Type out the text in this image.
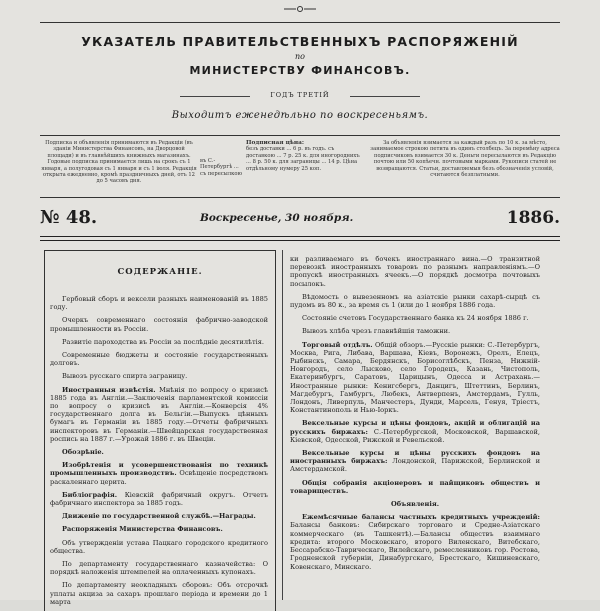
УКАЗАТЕЛЬ ПРАВИТЕЛЬСТВЕННЫХЪ РАСПОРЯЖЕНІЙ
по
МИНИСТЕРСТВУ ФИНАНСОВЪ.
ГОДЪ ТРЕТІЙ
Выходитъ еженедѣльно по воскресеньямъ.
Подписка и объявленія принимаются въ Редакціи (въ зданіи Министерства Финансовъ, на Дворцовой площади) и въ главнѣйшихъ книжныхъ магазинахъ. Годовые подписка принимается лишь на срокъ съ 1 января, а полугодовая съ 1 января и съ 1 іюля. Редакція открыта ежедневно, кромѣ праздничныхъ дней, отъ 12 до 5 часовъ дня.
въ С.-Петербургѣ ... съ пересылкою
Подписная цѣна:
безъ доставки ... 6 р. въ годъ. съ доставкою ... 7 р. 25 к. для иногороднихъ ... 8 р. 50 к. для заграницы ... 14 р. Цѣна отдѣльному нумеру 25 коп.
За объявленія взимается за каждый разъ по 10 к. за мѣсто, занимаемое строкою петита въ одинъ столбецъ. За перемѣну адреса подписчиковъ взимается 30 к. Деньги пересылаются въ Редакцію почтою или 50 копѣечн. почтовыми марками. Рукописи статей не возвращаются. Статьи, доставляемыя безъ обозначенія условій, считаются безплатными.
№ 48.	Воскресенье, 30 ноября.	1886.
СОДЕРЖАНІЕ.

Гербовый сборъ и вексели разныхъ наименованій въ 1885 году.

Очеркъ современнаго состоянія фабрично-заводской промышленности въ Россіи.

Развитіе пароходства въ Россіи за послѣдніе десятилѣтія.

Современные бюджеты и состояніе государственныхъ долговъ.

Вывозъ русскаго спирта заграницу.

Иностранныя извѣстія. Мнѣнія по вопросу о кризисѣ 1885 года въ Англіи.—Заключенія парламентской комиссіи по вопросу о кризисѣ въ Англіи.—Конверсія 4% государственнаго долга въ Бельгіи.—Выпускъ цѣнныхъ бумагъ въ Германіи въ 1885 году.—Отчеты фабричныхъ инспекторовъ въ Германіи.—Швейцарская государственная роспись на 1887 г.—Урожай 1886 г. въ Швеціи.

Обозрѣніе.

Изобрѣтенія и усовершенствованія по техникѣ промышленныхъ производствъ. Освѣщеніе посредствомъ раскаленнаго церита.

Библіографія. Кіевскій фабричный округъ. Отчетъ фабричнаго инспектора за 1885 годъ.

Движеніе по государственной службѣ.—Награды.

Распоряженія Министерства Финансовъ.

Объ утвержденіи устава Пацкаго городского кредитного общества.

По департаменту государственнаго казначейства: О порядкѣ наложенія штемпелей на оплаченныхъ купонахъ.

По департаменту неокладныхъ сборовъ: Объ отсрочкѣ уплаты акциза за сахаръ прошлаго періода и времени до 1 марта

ки разливаемаго въ бочекъ иностраннаго вина.—О транзитной перевозкѣ иностранныхъ товаровъ по разнымъ направленіямъ.—О пропускѣ иностранныхъ ячеекъ.—О порядкѣ досмотра почтовыхъ посылокъ.

Вѣдомость о вывезенномъ на азіатскіе рынки сахарѣ-сырцѣ съ пудомъ въ 80 к., за время съ 1 (или до 1 ноября 1886 года.

Состояніе счетовъ Государственнаго банка къ 24 ноября 1886 г.

Вывозъ хлѣба чрезъ главнѣйшія таможни.

Торговый отдѣлъ. Общій обзоръ.—Русскіе рынки: С.-Петербургъ, Москва, Рига, Либава, Варшава, Кіевъ, Воронежъ, Орелъ, Елецъ, Рыбинскъ, Самара, Бердянскъ, Борисоглѣбскъ, Пенза, Нижній-Новгородъ, село Лысково, село Городецъ, Казань, Чистополь, Екатеринбургъ, Саратовъ, Царицынъ, Одесса и Астрахань.—Иностранные рынки: Кенигсбергъ, Данцигъ, Штеттинъ, Берлинъ, Магдебургъ, Гамбургъ, Любекъ, Антверпенъ, Амстердамъ, Гулль, Лондонъ, Ливерпуль, Манчестеръ, Дунди, Марсель, Генуя, Тріестъ, Константинополь и Нью-Іоркъ.

Вексельные курсы и цѣны фондовъ, акцій и облигацій на русскихъ биржахъ: С.-Петербургской, Московской, Варшавской, Кіевской, Одесской, Рижской и Ревельской.

Вексельные курсы и цѣны русскихъ фондовъ на иностранныхъ биржахъ: Лондонской, Парижской, Берлинской и Амстердамской.

Общія собранія акціонеровъ и пайщиковъ обществъ и товариществъ.

Объявленія.

Ежемѣсячные балансы частныхъ кредитныхъ учрежденій: Балансы банковъ: Сибирскаго торговаго и Средне-Азіатскаго коммерческаго (въ Ташкентѣ).—Балансы обществъ взаимнаго кредита: второго Московскаго, второго Виленскаго, Витебскаго, Бессарабско-Таврическаго, Вилейскаго, ремесленниковъ гор. Ростова, Гродненской губерніи, Динабургскаго, Брестскаго, Кишиневскаго, Ковенскаго, Минскаго.
